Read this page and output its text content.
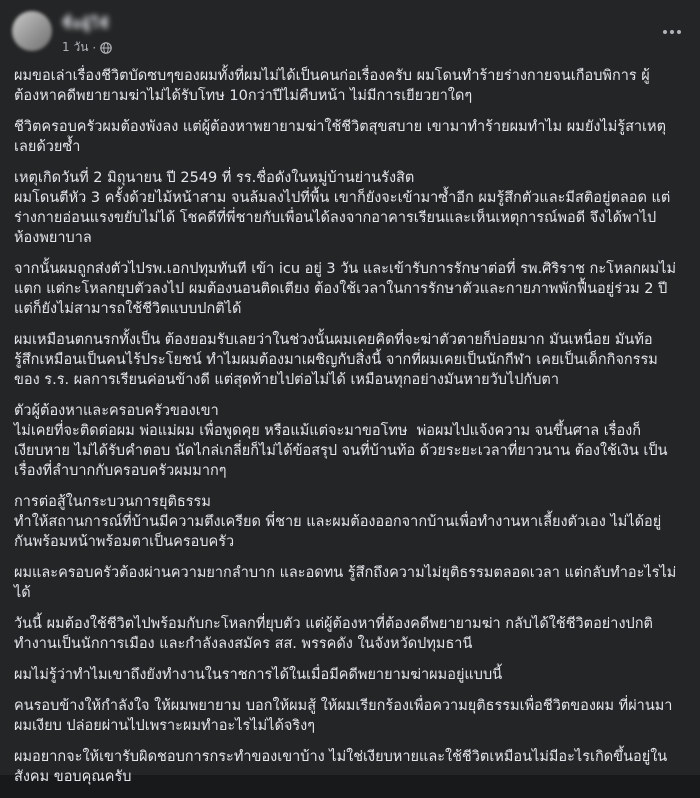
ชื่อผู้ใช้
1 วัน ·

ผมขอเล่าเรื่องชีวิตบัดซบๆของผมทั้งที่ผมไม่ได้เป็นคนก่อเรื่องครับ ผมโดนทำร้ายร่างกายจนเกือบพิการ ผู้
ต้องหาคดีพยายามฆ่าไม่ได้รับโทษ 10กว่าปีไม่คืบหน้า ไม่มีการเยียวยาใดๆ

ชีวิตครอบครัวผมต้องพังลง แต่ผู้ต้องหาพยายามฆ่าใช้ชีวิตสุขสบาย เขามาทำร้ายผมทำไม ผมยังไม่รู้สาเหตุ
เลยด้วยซ้ำ

เหตุเกิดวันที่ 2 มิถุนายน ปี 2549 ที่ รร.ชื่อดังในหมู่บ้านย่านรังสิต
ผมโดนตีหัว 3 ครั้งด้วยไม้หน้าสาม จนล้มลงไปที่พื้น เขาก็ยังจะเข้ามาซ้ำอีก ผมรู้สึกตัวและมีสติอยู่ตลอด แต่
ร่างกายอ่อนแรงขยับไม่ได้ โชคดีที่พี่ชายกับเพื่อนได้ลงจากอาคารเรียนและเห็นเหตุการณ์พอดี จึงได้พาไป
ห้องพยาบาล

จากนั้นผมถูกส่งตัวไปรพ.เอกปทุมทันที เข้า icu อยู่ 3 วัน และเข้ารับการรักษาต่อที่ รพ.ศิริราช กะโหลกผมไม่
แตก แต่กะโหลกยุบตัวลงไป ผมต้องนอนติดเตียง ต้องใช้เวลาในการรักษาตัวและกายภาพพักฟื้นอยู่ร่วม 2 ปี
แต่ก็ยังไม่สามารถใช้ชีวิตแบบปกติได้

ผมเหมือนตกนรกทั้งเป็น ต้องยอมรับเลยว่าในช่วงนั้นผมเคยคิดที่จะฆ่าตัวตายก็บ่อยมาก มันเหนื่อย มันท้อ
รู้สึกเหมือนเป็นคนไร้ประโยชน์ ทำไมผมต้องมาเผชิญกับสิ่งนี้ จากที่ผมเคยเป็นนักกีฬา เคยเป็นเด็กกิจกรรม
ของ ร.ร. ผลการเรียนค่อนข้างดี แต่สุดท้ายไปต่อไม่ได้ เหมือนทุกอย่างมันหายวับไปกับตา

ตัวผู้ต้องหาและครอบครัวของเขา
ไม่เคยที่จะติดต่อผม พ่อแม่ผม เพื่อพูดคุย หรือแม้แต่จะมาขอโทษ  พ่อผมไปแจ้งความ จนขึ้นศาล เรื่องก็
เงียบหาย ไม่ได้รับคำตอบ นัดไกล่เกลี่ยก็ไม่ได้ข้อสรุป จนที่บ้านท้อ ด้วยระยะเวลาที่ยาวนาน ต้องใช้เงิน เป็น
เรื่องที่ลำบากกับครอบครัวผมมากๆ

การต่อสู้ในกระบวนการยุติธรรม
ทำให้สถานการณ์ที่บ้านมีความตึงเครียด พี่ชาย และผมต้องออกจากบ้านเพื่อทำงานหาเลี้ยงตัวเอง ไม่ได้อยู่
กันพร้อมหน้าพร้อมตาเป็นครอบครัว

ผมและครอบครัวต้องผ่านความยากลำบาก และอดทน รู้สึกถึงความไม่ยุติธรรมตลอดเวลา แต่กลับทำอะไรไม่
ได้

วันนี้ ผมต้องใช้ชีวิตไปพร้อมกับกะโหลกที่ยุบตัว แต่ผู้ต้องหาที่ต้องคดีพยายามฆ่า กลับได้ใช้ชีวิตอย่างปกติ
ทำงานเป็นนักการเมือง และกำลังลงสมัคร สส. พรรคดัง ในจังหวัดปทุมธานี

ผมไม่รู้ว่าทำไมเขาถึงยังทำงานในราชการได้ในเมื่อมีคดีพยายามฆ่าผมอยู่แบบนี้

คนรอบข้างให้กำลังใจ ให้ผมพยายาม บอกให้ผมสู้ ให้ผมเรียกร้องเพื่อความยุติธรรมเพื่อชีวิตของผม ที่ผ่านมา
ผมเงียบ ปล่อยผ่านไปเพราะผมทำอะไรไม่ได้จริงๆ

ผมอยากจะให้เขารับผิดชอบการกระทำของเขาบ้าง ไม่ใช่เงียบหายและใช้ชีวิตเหมือนไม่มีอะไรเกิดขึ้นอยู่ใน
สังคม ขอบคุณครับ
